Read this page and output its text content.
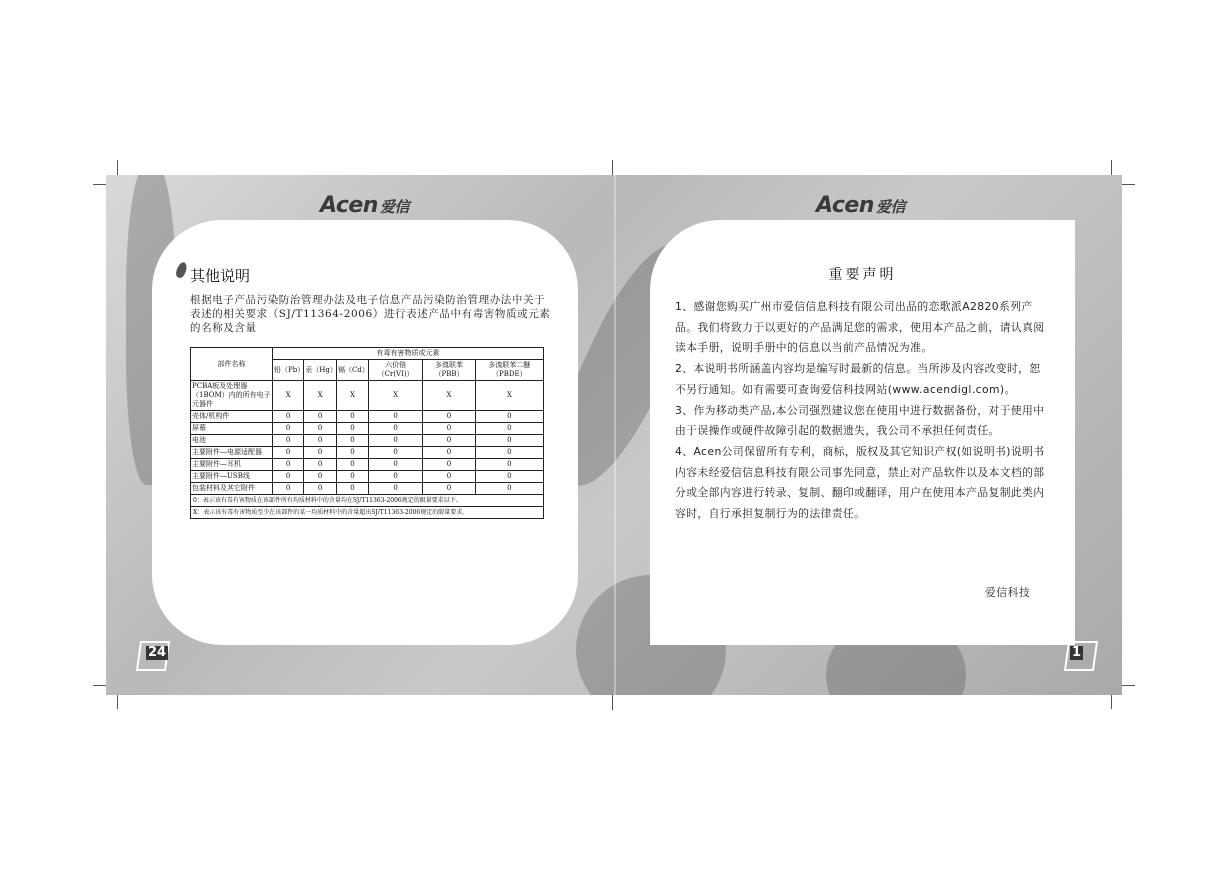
Acen 爱信
其他说明
根据电子产品污染防治管理办法及电子信息产品污染防治管理办法中关于表述的相关要求（SJ/T11364-2006）进行表述产品中有毒害物质或元素的名称及含量
部件名称	有毒有害物质或元素					
	铅（Pb）	汞（Hg）	镉（Cd）	六价铬（Cr(VI)）	多溴联苯（PBB）	多溴联苯二醚（PBDE）
PCBA板及处理器（1BOM）内的所有电子元器件	X	X	X	X	X	X
壳体/机构件	0	0	0	0	0	0
屏幕	0	0	0	0	0	0
电池	0	0	0	0	0	0
主要附件—电源适配器	0	0	0	0	0	0
主要附件—耳机	0	0	0	0	0	0
主要附件—USB线	0	0	0	0	0	0
包装材料及其它附件	0	0	0	0	0	0
0：表示该有毒有害物质在该部件所有均质材料中的含量均在SJ/T11363-2006规定的限量要求以下。						
X：表示该有毒有害物质至少在该部件的某一均质材料中的含量超出SJ/T11363-2006规定的限量要求。						
24
Acen 爱信
重要声明

1、感谢您购买广州市爱信信息科技有限公司出品的恋歌派A2820系列产品。我们将致力于以更好的产品满足您的需求，使用本产品之前，请认真阅读本手册，说明手册中的信息以当前产品情况为准。

2、本说明书所涵盖内容均是编写时最新的信息。当所涉及内容改变时，恕不另行通知。如有需要可查询爱信科技网站(www.acendigl.com)。

3、作为移动类产品,本公司强烈建议您在使用中进行数据备份，对于使用中由于误操作或硬件故障引起的数据遗失，我公司不承担任何责任。

4、Acen公司保留所有专利，商标，版权及其它知识产权(如说明书)说明书内容未经爱信信息科技有限公司事先同意，禁止对产品软件以及本文档的部分或全部内容进行转录、复制、翻印或翻译，用户在使用本产品复制此类内容时，自行承担复制行为的法律责任。

爱信科技
1
